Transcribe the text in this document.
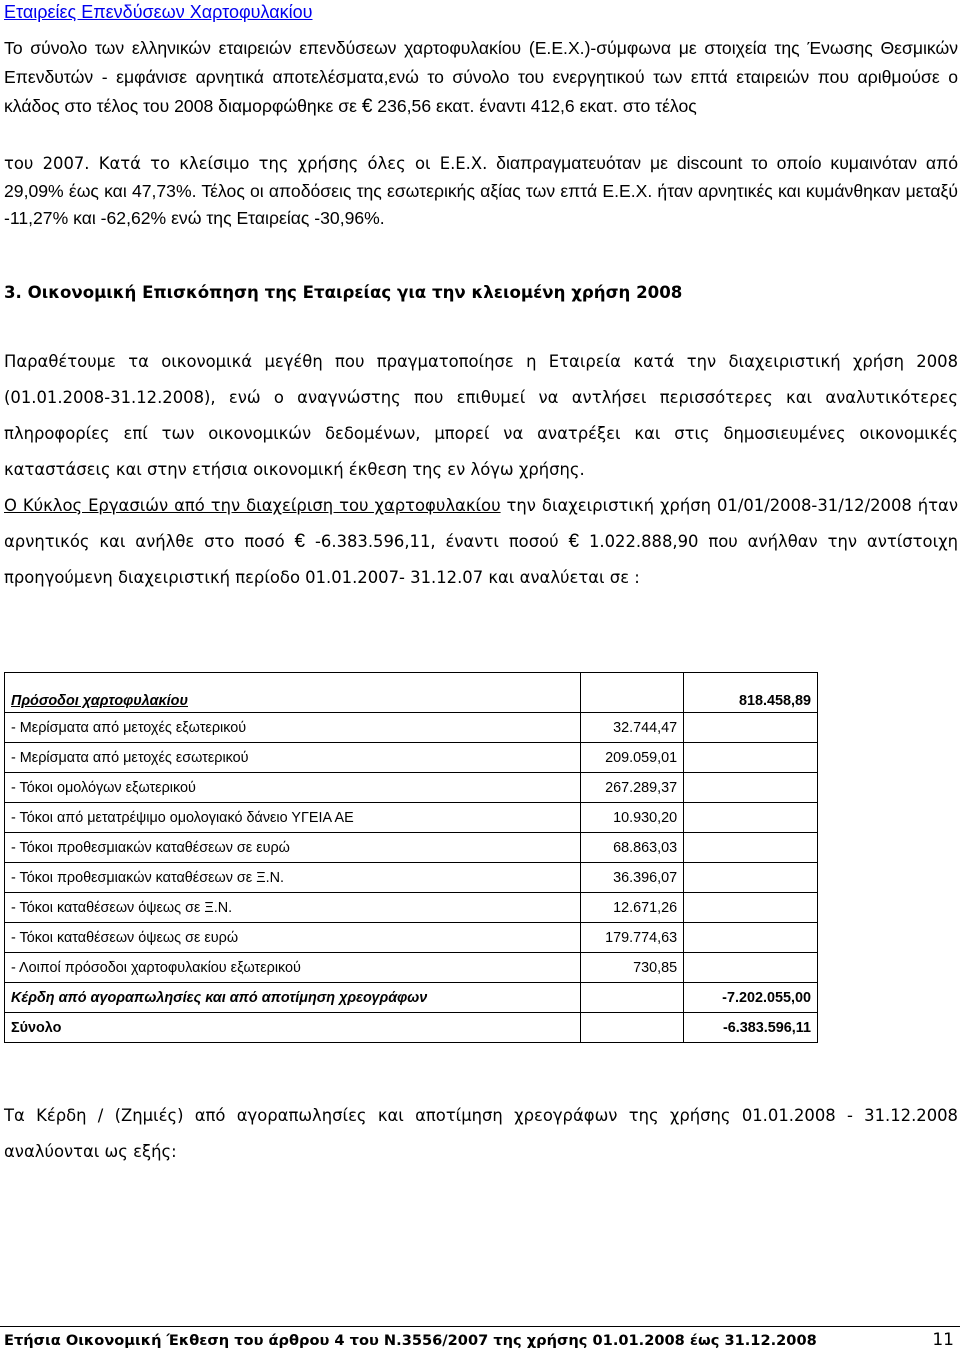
Εταιρείες Επενδύσεων Χαρτοφυλακίου

Το σύνολο των ελληνικών εταιρειών επενδύσεων χαρτοφυλακίου (Ε.Ε.Χ.)-σύμφωνα με στοιχεία της Ένωσης Θεσμικών Επενδυτών - εμφάνισε αρνητικά αποτελέσματα,ενώ το σύνολο του ενεργητικού των επτά εταιρειών που αριθμούσε ο κλάδος στο τέλος του 2008 διαμορφώθηκε σε € 236,56 εκατ. έναντι 412,6 εκατ. στο τέλος

του 2007. Κατά το κλείσιμο της χρήσης όλες οι Ε.Ε.Χ. διαπραγματευόταν με discount το οποίο κυμαινόταν από 29,09% έως και 47,73%. Τέλος οι αποδόσεις της εσωτερικής αξίας των επτά Ε.Ε.Χ. ήταν αρνητικές και κυμάνθηκαν μεταξύ -11,27% και -62,62% ενώ της Εταιρείας -30,96%.

3. Οικονομική Επισκόπηση της Εταιρείας για την κλειομένη χρήση 2008

Παραθέτουμε τα οικονομικά μεγέθη που πραγματοποίησε η Εταιρεία κατά την διαχειριστική χρήση 2008 (01.01.2008-31.12.2008), ενώ ο αναγνώστης που επιθυμεί να αντλήσει περισσότερες και αναλυτικότερες πληροφορίες επί των οικονομικών δεδομένων, μπορεί να ανατρέξει και στις δημοσιευμένες οικονομικές καταστάσεις και στην ετήσια οικονομική έκθεση της εν λόγω χρήσης.

Ο Κύκλος Εργασιών από την διαχείριση του χαρτοφυλακίου την διαχειριστική χρήση 01/01/2008-31/12/2008 ήταν αρνητικός και ανήλθε στο ποσό € -6.383.596,11, έναντι ποσού € 1.022.888,90 που ανήλθαν την αντίστοιχη προηγούμενη διαχειριστική περίοδο 01.01.2007- 31.12.07 και αναλύεται σε :

Πρόσοδοι χαρτοφυλακίου		818.458,89
- Μερίσματα από μετοχές εξωτερικού	32.744,47	
- Μερίσματα από μετοχές εσωτερικού	209.059,01	
- Τόκοι ομολόγων εξωτερικού	267.289,37	
- Τόκοι από μετατρέψιμο ομολογιακό δάνειο ΥΓΕΙΑ ΑΕ	10.930,20	
- Τόκοι προθεσμιακών καταθέσεων σε ευρώ	68.863,03	
- Τόκοι προθεσμιακών καταθέσεων σε Ξ.Ν.	36.396,07	
- Τόκοι καταθέσεων όψεως σε Ξ.Ν.	12.671,26	
- Τόκοι καταθέσεων όψεως σε ευρώ	179.774,63	
- Λοιποί πρόσοδοι χαρτοφυλακίου εξωτερικού	730,85	
Κέρδη από αγοραπωλησίες και από αποτίμηση χρεογράφων		-7.202.055,00
Σύνολο		-6.383.596,11

Τα Κέρδη / (Ζημιές) από αγοραπωλησίες και αποτίμηση χρεογράφων της χρήσης 01.01.2008 - 31.12.2008 αναλύονται ως εξής:

Ετήσια Οικονομική Έκθεση του άρθρου 4 του Ν.3556/2007 της χρήσης 01.01.2008 έως 31.12.2008	11
